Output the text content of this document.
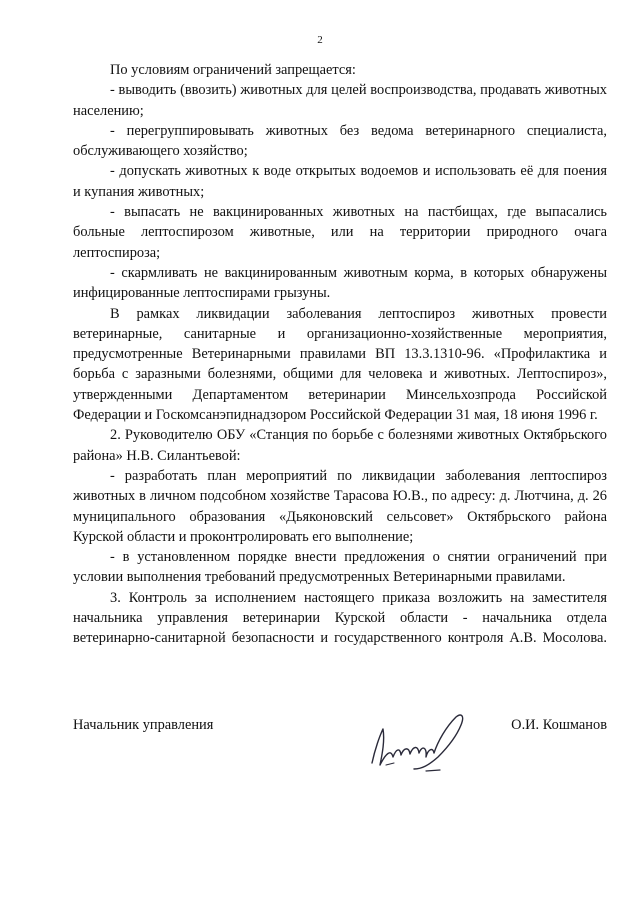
2

По условиям ограничений запрещается:

- выводить (ввозить) животных для целей воспроизводства, продавать животных населению;

- перегруппировывать животных без ведома ветеринарного специалиста, обслуживающего хозяйство;

- допускать животных к воде открытых водоемов и использовать её для поения и купания животных;

- выпасать не вакцинированных животных на пастбищах, где выпасались больные лептоспирозом животные, или на территории природного очага лептоспироза;

- скармливать не вакцинированным животным корма, в которых обнаружены инфицированные лептоспирами грызуны.

В рамках ликвидации заболевания лептоспироз животных провести ветеринарные, санитарные и организационно-хозяйственные мероприятия, предусмотренные Ветеринарными правилами ВП 13.3.1310-96. «Профилактика и борьба с заразными болезнями, общими для человека и животных. Лептоспироз», утвержденными Департаментом ветеринарии Минсельхозпрода Российской Федерации и Госкомсанэпиднадзором Российской Федерации 31 мая, 18 июня 1996 г.

2. Руководителю ОБУ «Станция по борьбе с болезнями животных Октябрьского района» Н.В. Силантьевой:

- разработать план мероприятий по ликвидации заболевания лептоспироз животных в личном подсобном хозяйстве Тарасова Ю.В., по адресу: д. Лютчина, д. 26 муниципального образования «Дьяконовский сельсовет» Октябрьского района Курской области и проконтролировать его выполнение;

- в установленном порядке внести предложения о снятии ограничений при условии выполнения требований предусмотренных Ветеринарными правилами.

3. Контроль за исполнением настоящего приказа возложить на заместителя начальника управления ветеринарии Курской области - начальника отдела ветеринарно-санитарной безопасности и государственного контроля А.В. Мосолова.

Начальник управления	О.И. Кошманов
